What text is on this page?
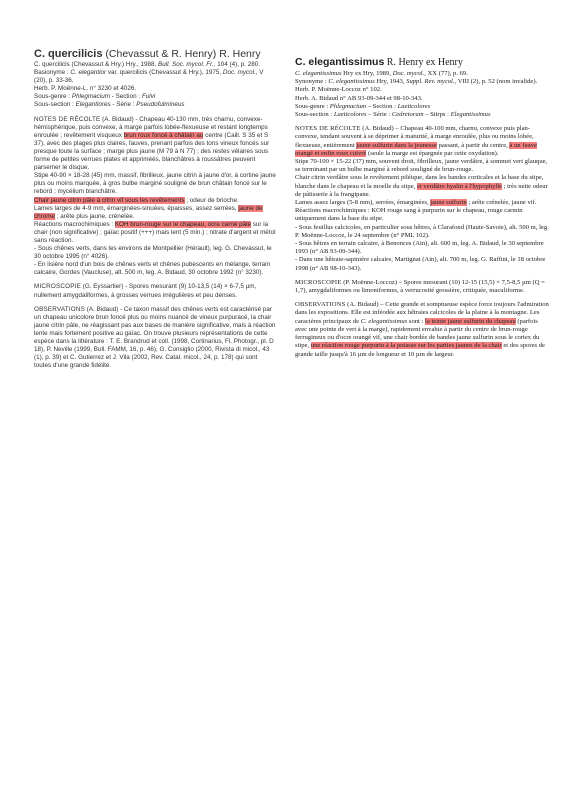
C. quercilicis (Chevassut & R. Henry) R. Henry

C. quercilicis (Chevassut & Hry.) Hry., 1988, Bull. Soc. mycol. Fr., 104 (4), p. 280.

Basionyme : C. elegantior var. quercilicis (Chevassut & Hry.), 1975, Doc. mycol., V (20), p. 33-36.

Herb. P. Moënne-L. n° 3230 et 4026.

Sous-genre : Phlegmacium - Section : Fulvi

Sous-section : Elegantiores - Série : Pseudofulmineus

NOTES DE RÉCOLTE (A. Bidaud) - Chapeau 40-130 mm, très charnu, convexe-hémisphérique, puis convexe, à marge parfois lobée-flexueuse et restant longtemps enroulée ; revêtement visqueux brun roux foncé à châtain au centre (Caill. S 35 et S 37), avec des plages plus claires, fauves, prenant parfois des tons vineux foncés sur presque toute la surface ; marge plus jaune (M 79 à N 77) ; des restes vélaires sous forme de petites verrues plates et appriméés, blanchâtres à roussâtres peuvent parsemer le disque.

Stipe 40-90 × 18-28 (45) mm, massif, fibrilleux, jaune citrin à jaune d'or, à cortine jaune plus ou moins marquée, à gros bulbe marginé souligné de brun châtain foncé sur le rebord ; mycélium blanchâtre.

Chair jaune citrin pâle à citrin vif sous les revêtements ; odeur de brioche.

Lames larges de 4-9 mm, émarginées-sinuées, épaisses, assez serrées, jaune de chrome ; arête plus jaune, crénelée.

Réactions macrochimiques : KOH brun-rouge sur le chapeau, ocre carné pâle sur la chair (non significative) ; gaïac positif (+++) mais lent (5 min.) ; nitrate d'argent et métol sans réaction.

- Sous chênes verts, dans les environs de Montpellier (Hérault), leg. G. Chevassut, le 30 octobre 1995 (n° 4026).

- En lisière nord d'un bois de chênes verts et chênes pubescents en mélange, terrain calcaire, Gordes (Vaucluse), alt. 500 m, leg. A. Bidaud, 30 octobre 1992 (n° 3230).

MICROSCOPIE (G. Eyssartier) - Spores mesurant (9) 10-13,5 (14) × 6-7,5 µm, nullement amygdaliformes, à grosses verrues irrégulières et peu denses.

OBSERVATIONS (A. Bidaud) - Ce taxon massif des chênes verts est caractérisé par un chapeau unicolore brun foncé plus ou moins nuancé de vineux purpuracé, la chair jaune citrin pâle, ne réagissant pas aux bases de manière significative, mais à réaction lente mais fortement positive au gaïac. On trouve plusieurs représentations de cette espèce dans la littérature : T. E. Brandrud et coll. (1998, Cortinarius, Fl. Photogr., pl. D 18), P. Neville (1999, Bull. FAMM, 16, p. 46), G. Consiglio (2000, Rivista di micol., 43 (1), p. 39) et C. Gutierrez et J. Vila (2002, Rev. Catal. micol., 24, p. 178) qui sont toutes d'une grande fidélité.

C. elegantissimus R. Henry ex Henry

C. elegantissimus Hry ex Hry, 1989, Doc. mycol., XX (77), p. 69.

Synonyme : C. elegantissimus Hry, 1943, Suppl. Rev. mycol., VIII (2), p. 52 (nom invalide).

Herb. P. Moënne-Loccoz n° 102.

Herb. A. Bidaud n° AB 93-09-344 et 98-10-343.

Sous-genre : Phlegmacium – Section : Laeticolores

Sous-section : Laeticolores – Série : Cedretorum – Stirps : Elegantissimus

NOTES DE RÉCOLTE (A. Bidaud) – Chapeau 40-100 mm, charnu, convexe puis plan-convexe, tendant souvent à se déprimer à maturité, à marge enroulée, plus ou moins lobée, flexueuse, entièrement jaune sulfurin dans la jeunesse passant, à partir du centre, à un fauve orangé et enfin roux cuivré (seule la marge est épargnée par cette oxydation).

Stipe 70-100 × 15-22 (37) mm, souvent droit, fibrilleux, jaune verdâtre, à sommet vert glauque, se terminant par un bulbe marginé à rebord souligné de brun-rouge.

Chair citrin verdâtre sous le revêtement piléique, dans les bandes corticales et la base du stipe, blanche dans le chapeau et la moelle du stipe, et verdâtre hyalin à l'hypophylle ; très nette odeur de pâtisserie à la frangipane.

Lames assez larges (5-8 mm), serrées, émarginées, jaune sulfurin ; arête crénelée, jaune vif.

Réactions macrochimiques : KOH rouge sang à purpurin sur le chapeau, rouge carmin uniquement dans la base du stipe.

- Sous feuillus calcicoles, en particulier sous hêtres, à Clarafond (Haute-Savoie), alt. 500 m, leg. P. Moënne-Loccoz, le 24 septembre (n° PML 102).

- Sous hêtres en terrain calcaire, à Benonces (Ain), alt. 600 m, leg. A. Bidaud, le 30 septembre 1993 (n° AB 93-09-344).

- Dans une hêtraie-sapinière calcaire, Martignat (Ain), alt. 700 m, leg. G. Raffini, le 18 octobre 1998 (n° AB 98-10-343).

MICROSCOPIE (P. Moënne-Loccoz) – Spores mesurant (10) 12-15 (15,5) × 7,5-8,5 µm (Q = 1,7), amygdaliformes ou limoniformes, à verrucosité grossière, critiquée, maculiforme.

OBSERVATIONS (A. Bidaud) – Cette grande et somptueuse espèce force toujours l'admiration dans les expositions. Elle est inféodée aux hêtraies calcicoles de la plaine à la montagne. Les caractères principaux de C. elegantissimus sont : la teinte jaune sulfurin du chapeau (parfois avec une pointe de vert à la marge), rapidement envahie à partir du centre de brun-rouge ferrugineux ou d'ocre orangé vif, une chair bordée de bandes jaune sulfurin sous le cortex du stipe, une réaction rouge purpurin à la potasse sur les parties jaunes de la chair et des spores de grande taille jusqu'à 16 µm de longueur et 10 µm de largeur.
